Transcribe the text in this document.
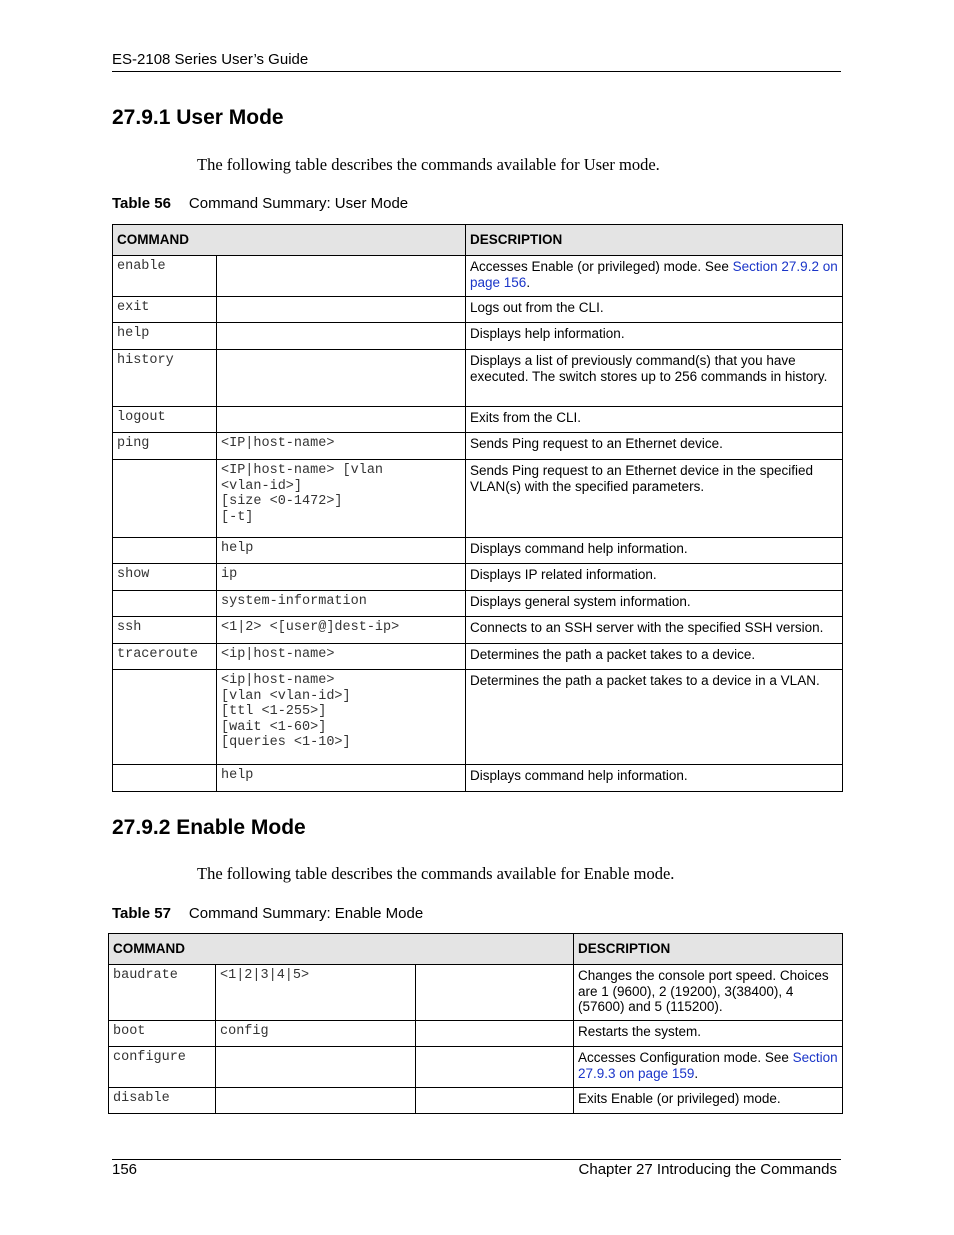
ES-2108 Series User’s Guide
27.9.1 User Mode
The following table describes the commands available for User mode.
Table 56 Command Summary: User Mode
COMMAND		DESCRIPTION
enable		Accesses Enable (or privileged) mode. See Section 27.9.2 on page 156.
exit		Logs out from the CLI.
help		Displays help information.
history		Displays a list of previously command(s) that you have executed. The switch stores up to 256 commands in history.
logout		Exits from the CLI.
ping	<IP|host-name>	Sends Ping request to an Ethernet device.
	<IP|host-name> [vlan
<vlan-id>]
[size <0-1472>]
[-t]	Sends Ping request to an Ethernet device in the specified VLAN(s) with the specified parameters.
	help	Displays command help information.
show	ip	Displays IP related information.
	system-information	Displays general system information.
ssh	<1|2> <[user@]dest-ip>	Connects to an SSH server with the specified SSH version.
traceroute	<ip|host-name>	Determines the path a packet takes to a device.
	<ip|host-name>
[vlan <vlan-id>]
[ttl <1-255>]
[wait <1-60>]
[queries <1-10>]	Determines the path a packet takes to a device in a VLAN.
	help	Displays command help information.
27.9.2 Enable Mode
The following table describes the commands available for Enable mode.
Table 57 Command Summary: Enable Mode
COMMAND			DESCRIPTION
baudrate	<1|2|3|4|5>		Changes the console port speed. Choices are 1 (9600), 2 (19200), 3(38400), 4 (57600) and 5 (115200).
boot	config		Restarts the system.
configure			Accesses Configuration mode. See Section 27.9.3 on page 159.
disable			Exits Enable (or privileged) mode.
156	Chapter 27 Introducing the Commands
